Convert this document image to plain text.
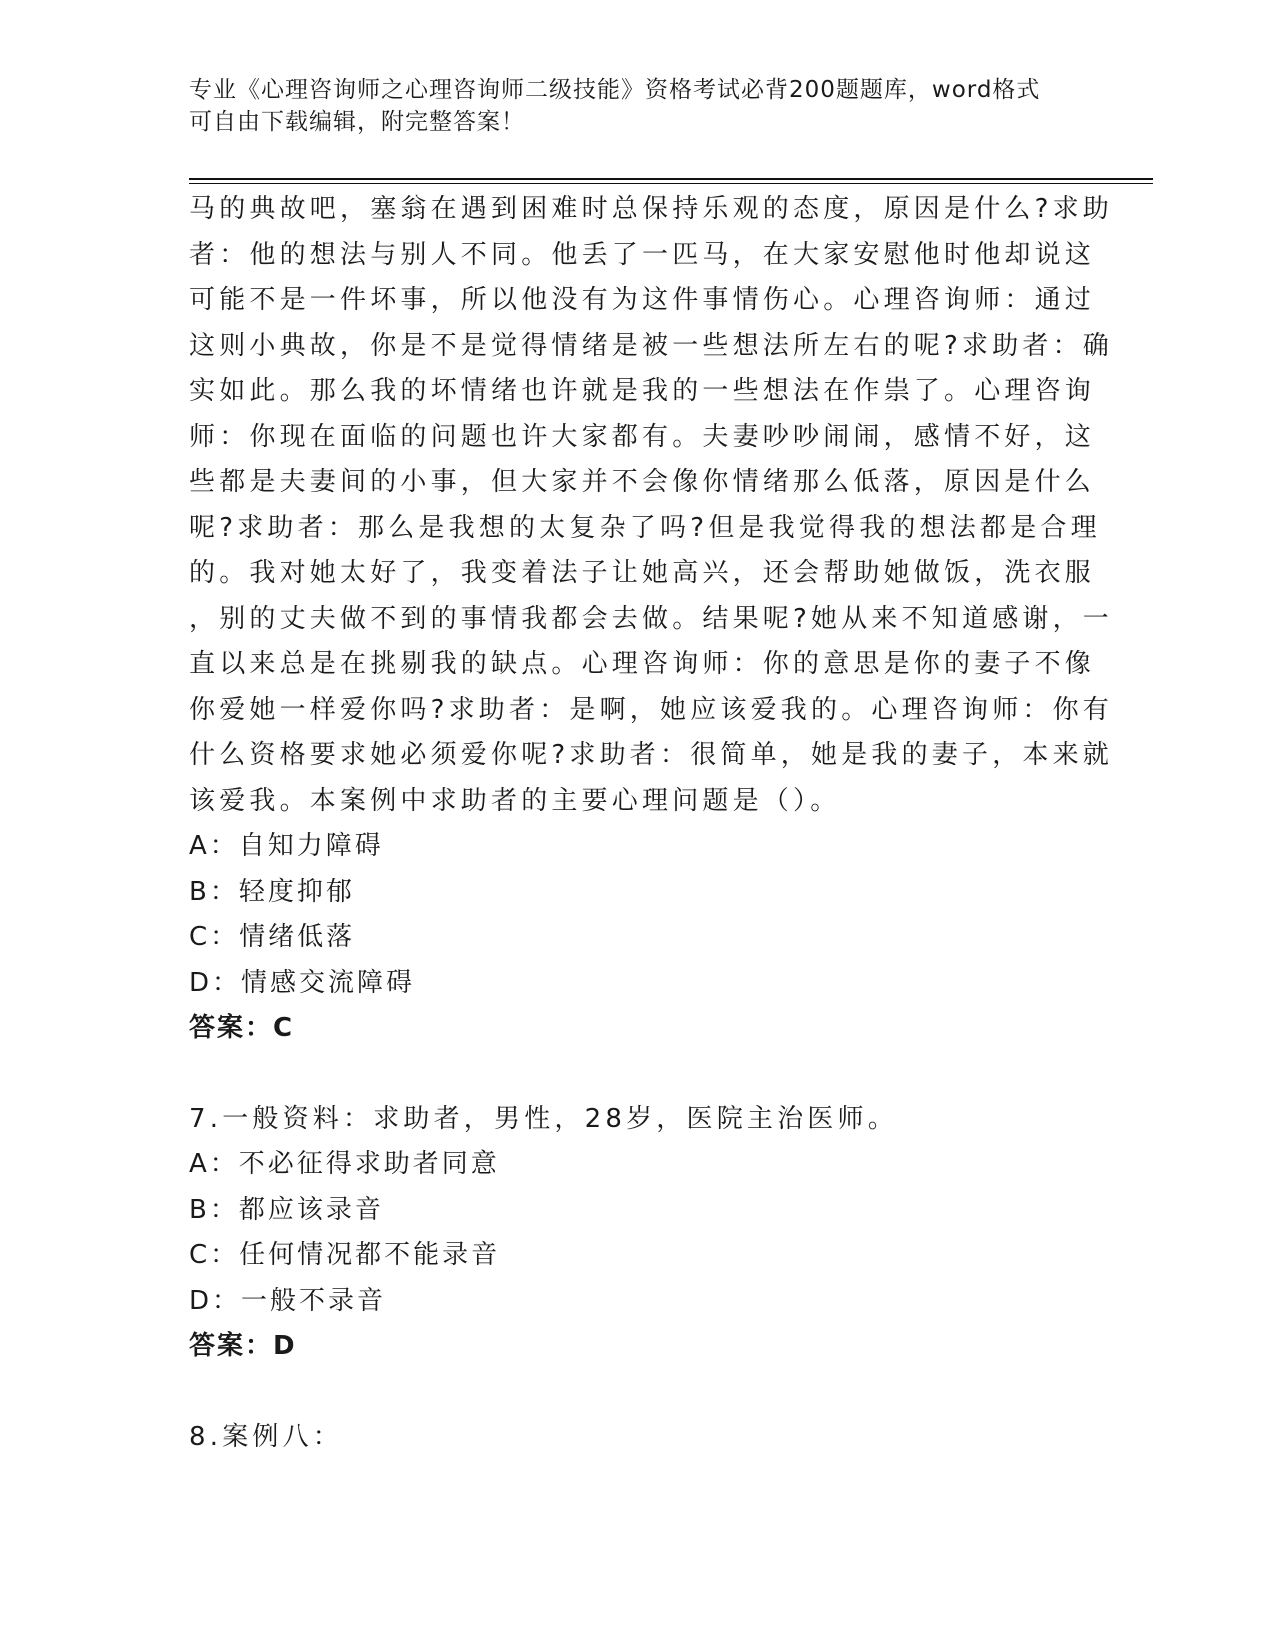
专业《心理咨询师之心理咨询师二级技能》资格考试必背200题题库，word格式
可自由下载编辑，附完整答案！
马的典故吧，塞翁在遇到困难时总保持乐观的态度，原因是什么?求助
者：他的想法与别人不同。他丢了一匹马，在大家安慰他时他却说这
可能不是一件坏事，所以他没有为这件事情伤心。心理咨询师：通过
这则小典故，你是不是觉得情绪是被一些想法所左右的呢?求助者：确
实如此。那么我的坏情绪也许就是我的一些想法在作祟了。心理咨询
师：你现在面临的问题也许大家都有。夫妻吵吵闹闹，感情不好，这
些都是夫妻间的小事，但大家并不会像你情绪那么低落，原因是什么
呢?求助者：那么是我想的太复杂了吗?但是我觉得我的想法都是合理
的。我对她太好了，我变着法子让她高兴，还会帮助她做饭，洗衣服
，别的丈夫做不到的事情我都会去做。结果呢?她从来不知道感谢，一
直以来总是在挑剔我的缺点。心理咨询师：你的意思是你的妻子不像
你爱她一样爱你吗?求助者：是啊，她应该爱我的。心理咨询师：你有
什么资格要求她必须爱你呢?求助者：很简单，她是我的妻子，本来就
该爱我。本案例中求助者的主要心理问题是（）。
A：自知力障碍
B：轻度抑郁
C：情绪低落
D：情感交流障碍
答案：C
7.一般资料：求助者，男性，28岁，医院主治医师。
A：不必征得求助者同意
B：都应该录音
C：任何情况都不能录音
D：一般不录音
答案：D
8.案例八：
